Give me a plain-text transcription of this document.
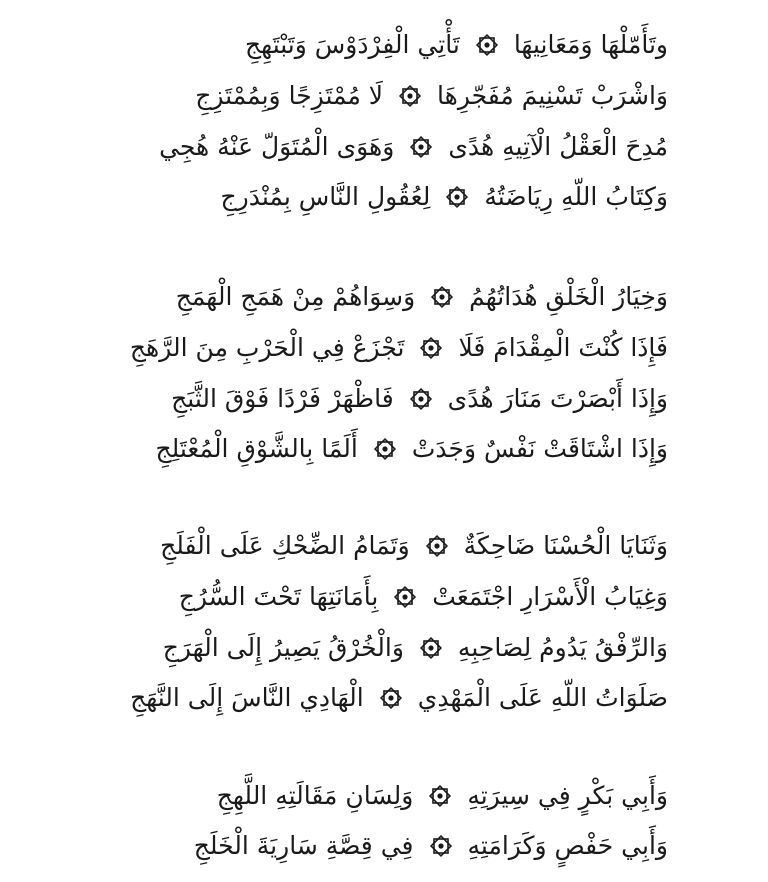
وتَأَمّلْهَا وَمَعَانِيهَا
تَأْتِي الْفِرْدَوْسَ وَتَبْتَهِجِ
وَاشْرَبْ تَسْنِيمَ مُفَجّرِهَا
لَا مُمْتَزِجًا وَبِمُمْتَزِجِ
مُدِحَ الْعَقْلُ الْآتِيهِ هُدًى
وَهَوَى الْمُتَوَلّ عَنْهُ هُجِي
وَكِتَابُ اللّهِ رِيَاضَتُهُ
لِعُقُولِ النَّاسِ بِمُنْدَرِجِ
وَخِيَارُ الْخَلْقِ هُدَاتُهُمُ
وَسِوَاهُمْ مِنْ هَمَجِ الْهَمَجِ
فَإِذَا كُنْتَ الْمِقْدَامَ فَلَا
تَجْزَعْ فِي الْحَرْبِ مِنَ الرَّهَجِ
وَإِذَا أَبْصَرْتَ مَنَارَ هُدًى
فَاظْهَرْ فَرْدًا فَوْقَ الثَّبَجِ
وَإِذَا اشْتَاقَتْ نَفْسٌ وَجَدَتْ
أَلَمًا بِالشَّوْقِ الْمُعْتَلِجِ
وَثَنَايَا الْحُسْنَا ضَاحِكَةٌ
وَتَمَامُ الضِّحْكِ عَلَى الْفَلَجِ
وَغِيَابُ الْأَسْرَارِ اجْتَمَعَتْ
بِأَمَانَتِهَا تَحْتَ السُّرُجِ
وَالرِّفْقُ يَدُومُ لِصَاحِبِهِ
وَالْخُرْقُ يَصِيرُ إِلَى الْهَرَجِ
صَلَوَاتُ اللّهِ عَلَى الْمَهْدِي
الْهَادِي النَّاسَ إِلَى النَّهَجِ
وَأَبِي بَكْرٍ فِي سِيرَتِهِ
وَلِسَانِ مَقَالَتِهِ اللَّهِجِ
وَأَبِي حَفْصٍ وَكَرَامَتِهِ
فِي قِصَّةِ سَارِيَةَ الْخَلَجِ
